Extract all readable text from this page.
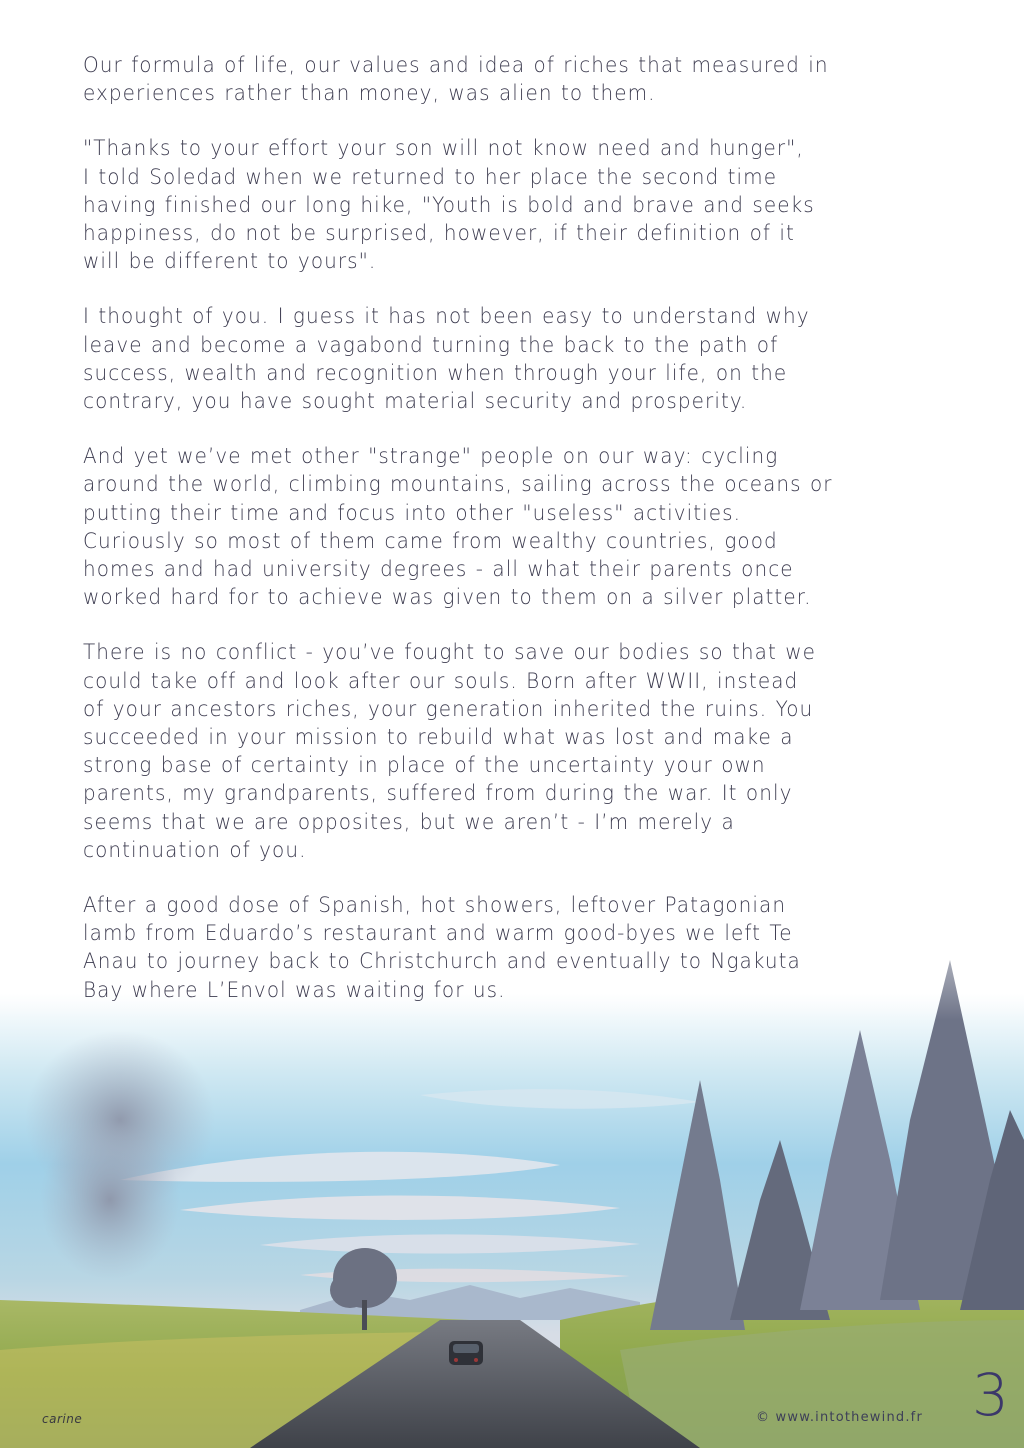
Our formula of life, our values and idea of riches that measured in
experiences rather than money, was alien to them.

"Thanks to your effort your son will not know need and hunger",
I told Soledad when we returned to her place the second time
having finished our long hike, "Youth is bold and brave and seeks
happiness, do not be surprised, however, if their definition of it
will be different to yours".

I thought of you. I guess it has not been easy to understand why
leave and become a vagabond turning the back to the path of
success, wealth and recognition when through your life, on the
contrary, you have sought material security and prosperity.

And yet we’ve met other "strange" people on our way: cycling
around the world, climbing mountains, sailing across the oceans or
putting their time and focus into other "useless" activities.
Curiously so most of them came from wealthy countries, good
homes and had university degrees - all what their parents once
worked hard for to achieve was given to them on a silver platter.

There is no conflict - you’ve fought to save our bodies so that we
could take off and look after our souls. Born after WWII, instead
of your ancestors riches, your generation inherited the ruins. You
succeeded in your mission to rebuild what was lost and make a
strong base of certainty in place of the uncertainty your own
parents, my grandparents, suffered from during the war. It only
seems that we are opposites, but we aren’t - I’m merely a
continuation of you.

After a good dose of Spanish, hot showers, leftover Patagonian
lamb from Eduardo’s restaurant and warm good-byes we left Te
Anau to journey back to Christchurch and eventually to Ngakuta
Bay where L’Envol was waiting for us.

carine	© www.intothewind.fr 3
